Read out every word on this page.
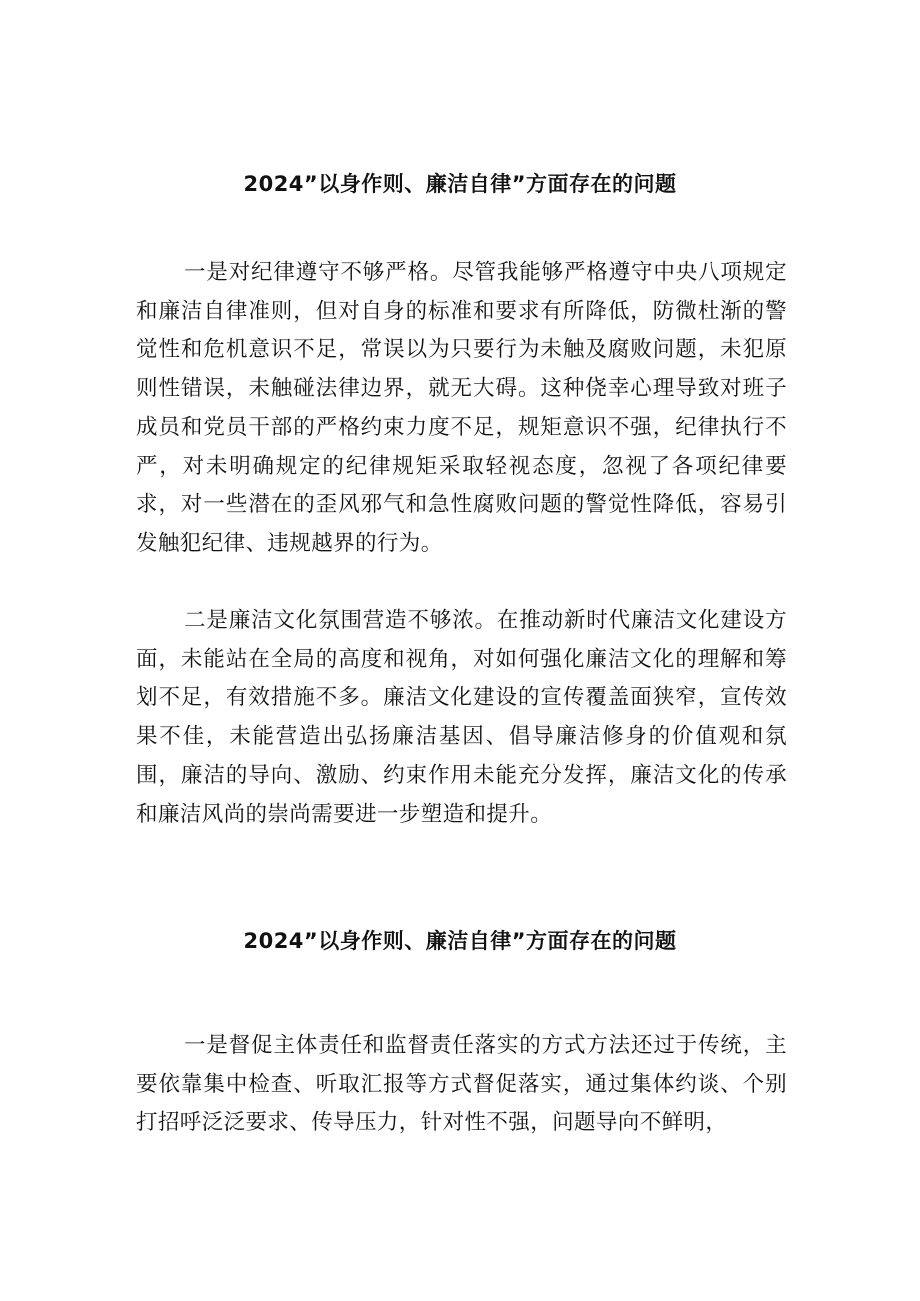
2024”以身作则、廉洁自律”方面存在的问题

一是对纪律遵守不够严格。尽管我能够严格遵守中央八项规定和廉洁自律准则，但对自身的标准和要求有所降低，防微杜渐的警觉性和危机意识不足，常误以为只要行为未触及腐败问题，未犯原则性错误，未触碰法律边界，就无大碍。这种侥幸心理导致对班子成员和党员干部的严格约束力度不足，规矩意识不强，纪律执行不严，对未明确规定的纪律规矩采取轻视态度，忽视了各项纪律要求，对一些潜在的歪风邪气和急性腐败问题的警觉性降低，容易引发触犯纪律、违规越界的行为。

二是廉洁文化氛围营造不够浓。在推动新时代廉洁文化建设方面，未能站在全局的高度和视角，对如何强化廉洁文化的理解和筹划不足，有效措施不多。廉洁文化建设的宣传覆盖面狭窄，宣传效果不佳，未能营造出弘扬廉洁基因、倡导廉洁修身的价值观和氛围，廉洁的导向、激励、约束作用未能充分发挥，廉洁文化的传承和廉洁风尚的崇尚需要进一步塑造和提升。

2024”以身作则、廉洁自律”方面存在的问题

一是督促主体责任和监督责任落实的方式方法还过于传统，主要依靠集中检查、听取汇报等方式督促落实，通过集体约谈、个别打招呼泛泛要求、传导压力，针对性不强，问题导向不鲜明，
